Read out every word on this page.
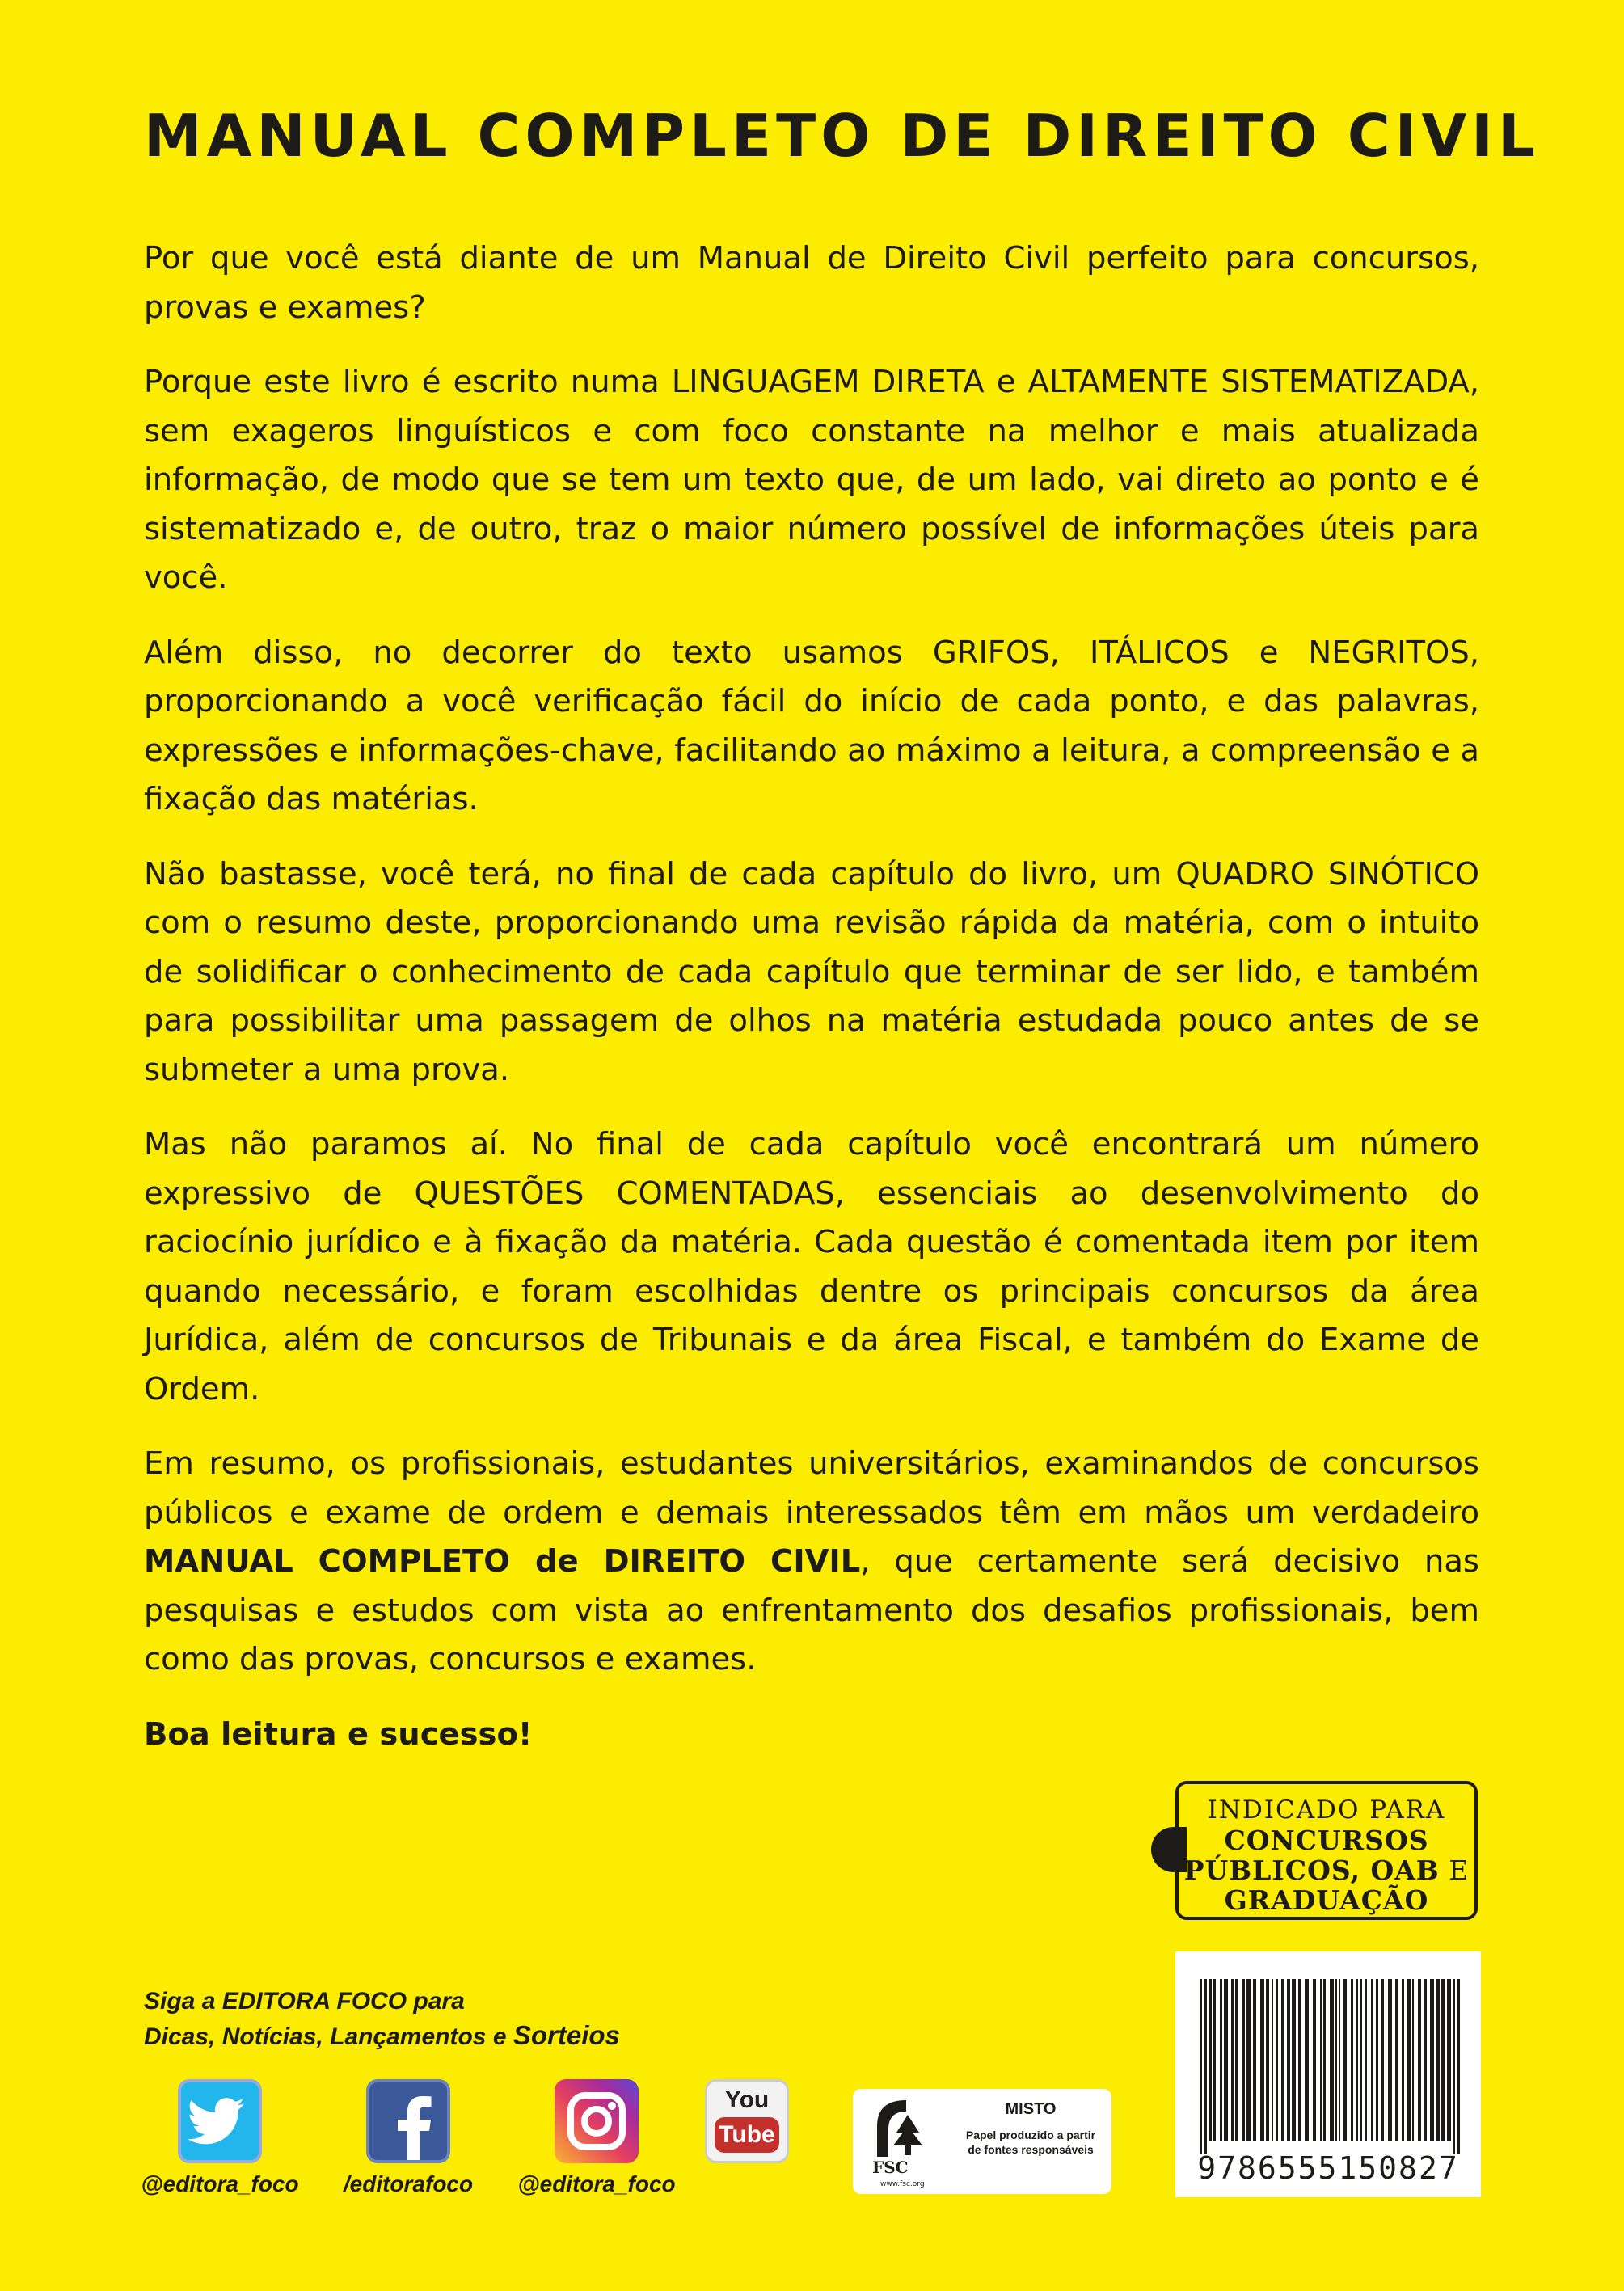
MANUAL COMPLETO DE DIREITO CIVIL

Por que você está diante de um Manual de Direito Civil perfeito para concursos, provas e exames?

Porque este livro é escrito numa LINGUAGEM DIRETA e ALTAMENTE SISTEMATIZADA, sem exageros linguísticos e com foco constante na melhor e mais atualizada informação, de modo que se tem um texto que, de um lado, vai direto ao ponto e é sistematizado e, de outro, traz o maior número possível de informações úteis para você.

Além disso, no decorrer do texto usamos GRIFOS, ITÁLICOS e NEGRITOS, proporcionando a você verificação fácil do início de cada ponto, e das palavras, expressões e informações-chave, facilitando ao máximo a leitura, a compreensão e a fixação das matérias.

Não bastasse, você terá, no final de cada capítulo do livro, um QUADRO SINÓTICO com o resumo deste, proporcionando uma revisão rápida da matéria, com o intuito de solidificar o conhecimento de cada capítulo que terminar de ser lido, e também para possibilitar uma passagem de olhos na matéria estudada pouco antes de se submeter a uma prova.

Mas não paramos aí. No final de cada capítulo você encontrará um número expressivo de QUESTÕES COMENTADAS, essenciais ao desenvolvimento do raciocínio jurídico e à fixação da matéria. Cada questão é comentada item por item quando necessário, e foram escolhidas dentre os principais concursos da área Jurídica, além de concursos de Tribunais e da área Fiscal, e também do Exame de Ordem.

Em resumo, os profissionais, estudantes universitários, examinandos de concursos públicos e exame de ordem e demais interessados têm em mãos um verdadeiro MANUAL COMPLETO de DIREITO CIVIL, que certamente será decisivo nas pesquisas e estudos com vista ao enfrentamento dos desafios profissionais, bem como das provas, concursos e exames.

Boa leitura e sucesso!

INDICADO PARA
CONCURSOS
PÚBLICOS, OAB E
GRADUAÇÃO
9786555150827
Siga a EDITORA FOCO para
Dicas, Notícias, Lançamentos e Sorteios
@editora_foco	/editorafoco	@editora_foco
You
Tube
FSC
www.fsc.org
MISTO
Papel produzido a partir
de fontes responsáveis
